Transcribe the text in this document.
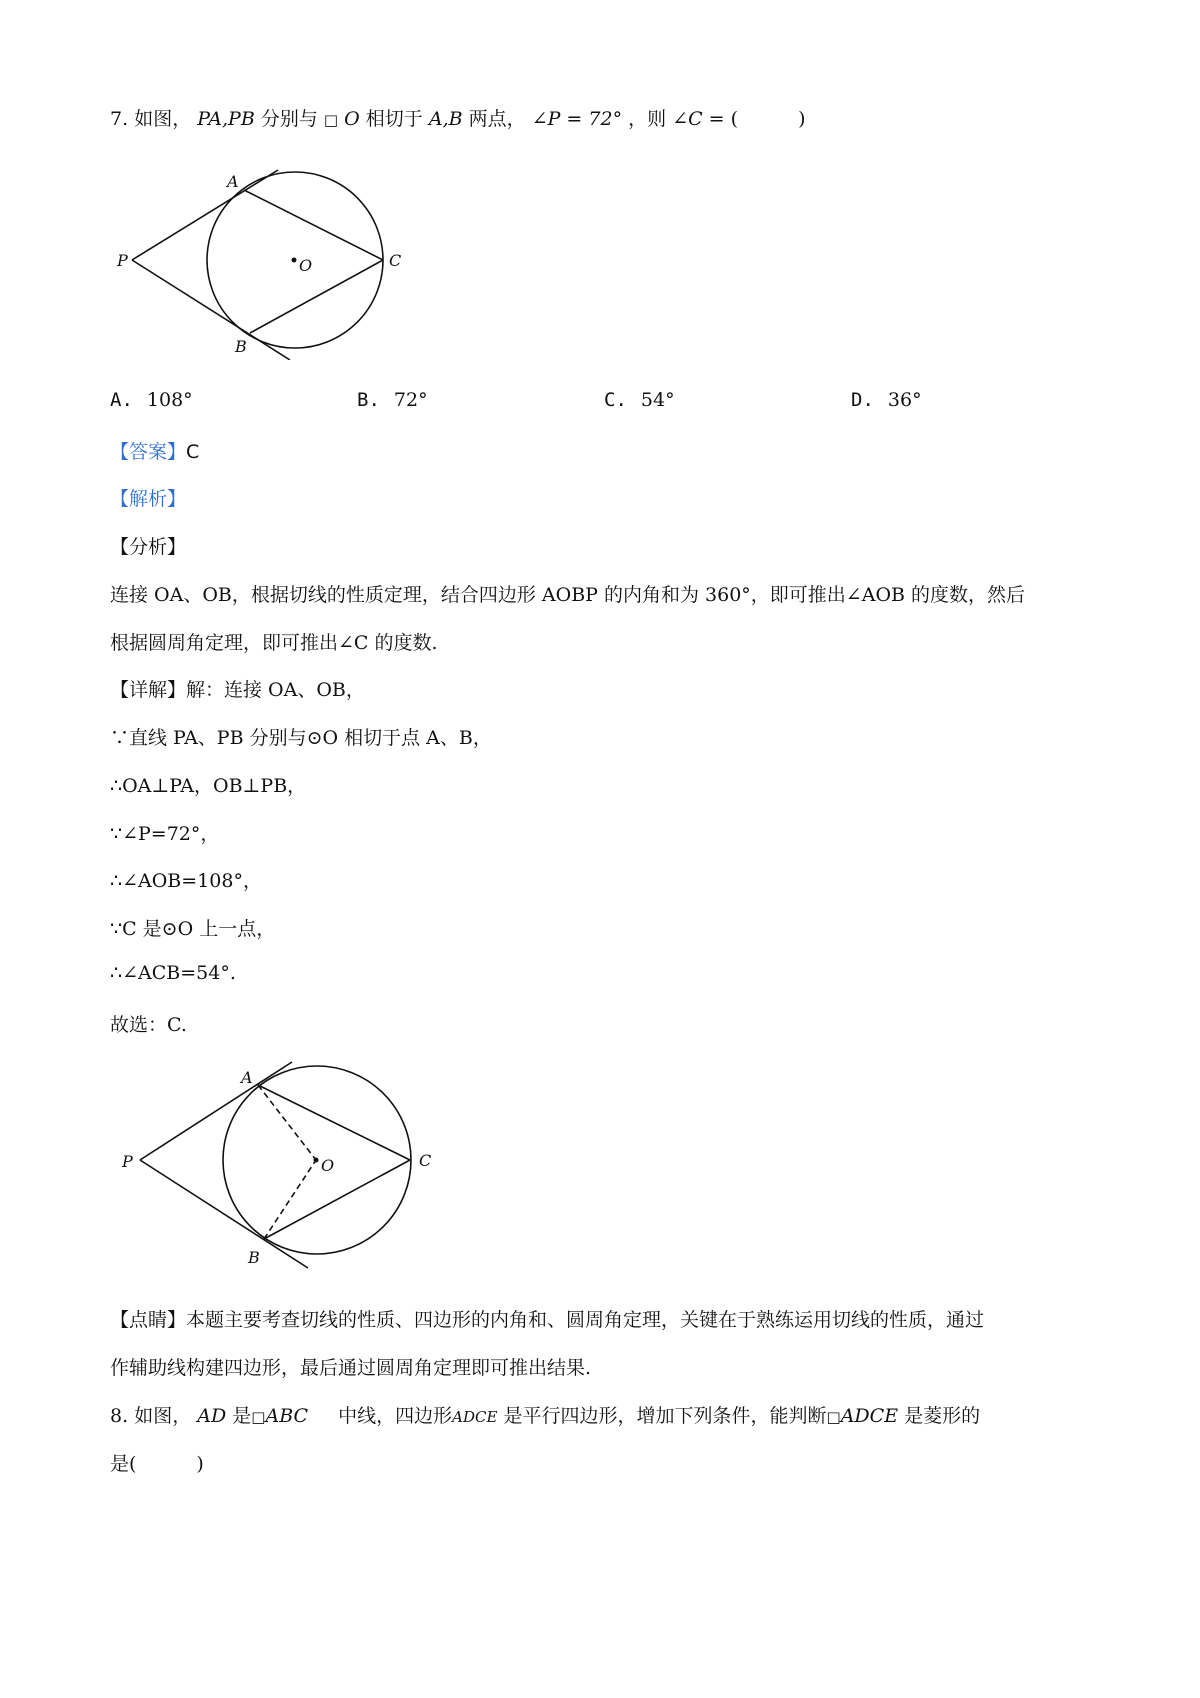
7. 如图， PA,PB 分别与 □ O 相切于 A,B 两点， ∠P = 72° ，则 ∠C = (	)
A
B
P	O	C
A. 108°	B. 72°	C. 54°	D. 36°
【答案】C
【解析】
【分析】
连接 OA、OB，根据切线的性质定理，结合四边形 AOBP 的内角和为 360°，即可推出∠AOB 的度数，然后
根据圆周角定理，即可推出∠C 的度数.
【详解】解：连接 OA、OB，
∵直线 PA、PB 分别与⊙O 相切于点 A、B，
∴OA⊥PA，OB⊥PB，
∵∠P=72°，
∴∠AOB=108°，
∵C 是⊙O 上一点，
∴∠ACB=54°.
故选：C.
A
B
P	O	C
【点睛】本题主要考查切线的性质、四边形的内角和、圆周角定理，关键在于熟练运用切线的性质，通过
作辅助线构建四边形，最后通过圆周角定理即可推出结果.
8. 如图， AD 是□ABC 中线，四边形ADCE 是平行四边形，增加下列条件，能判断□ADCE 是菱形的
是(	)
